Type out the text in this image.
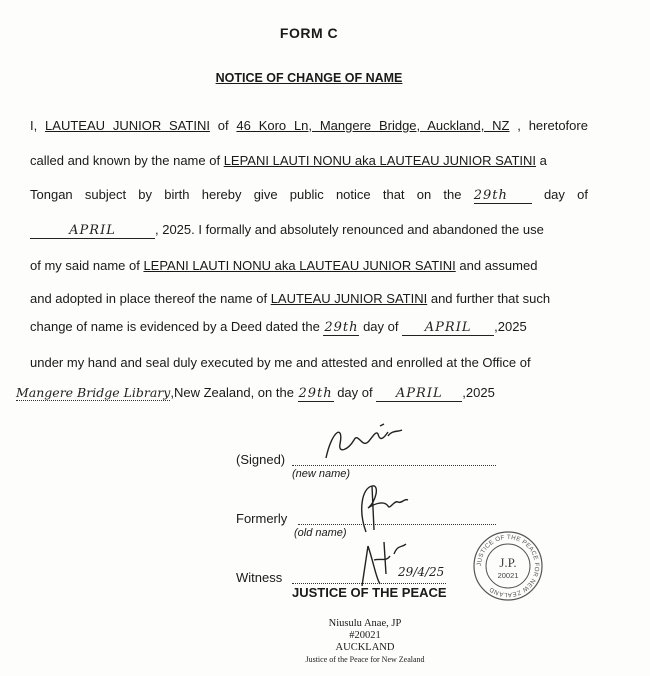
FORM C
NOTICE OF CHANGE OF NAME
I, LAUTEAU JUNIOR SATINI of 46 Koro Ln, Mangere Bridge, Auckland, NZ , heretofore
called and known by the name of LEPANI LAUTI NONU aka LAUTEAU JUNIOR SATINI a
Tongan subject by birth hereby give public notice that on the 29th	day of
APRIL	, 2025. I formally and absolutely renounced and abandoned the use
of my said name of LEPANI LAUTI NONU aka LAUTEAU JUNIOR SATINI and assumed
and adopted in place thereof the name of LAUTEAU JUNIOR SATINI and further that such
change of name is evidenced by a Deed dated the 29th day of APRIL ,2025
under my hand and seal duly executed by me and attested and enrolled at the Office of
Mangere Bridge Library,New Zealand, on the 29th day of APRIL ,2025
(Signed)
(new name)
Formerly
(old name)
Witness	29/4/25
JUSTICE OF THE PEACE
JUSTICE OF THE PEACE FOR NEW ZEALAND
J.P.
20021
Niusulu Anae, JP
#20021
AUCKLAND
Justice of the Peace for New Zealand
